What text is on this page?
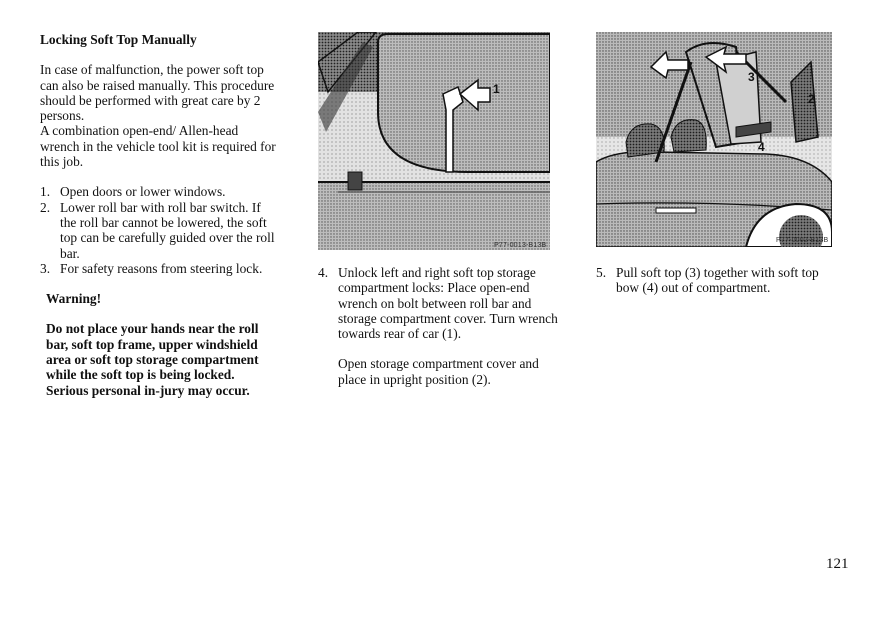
Locking Soft Top Manually

In case of malfunction, the power soft top can also be raised manually. This procedure should be performed with great care by 2 persons.

A combination open-end/ Allen-head wrench in the vehicle tool kit is required for this job.

1. Open doors or lower windows.
2. Lower roll bar with roll bar switch. If the roll bar cannot be lowered, the soft top can be carefully guided over the roll bar.
3. For safety reasons from steering lock.
Warning!
Do not place your hands near the roll bar, soft top frame, upper windshield area or soft top storage compartment while the soft top is being locked. Serious personal in-jury may occur.
P77-0013-B13B
1
3
2
4
P77-0002-B13B
4. Unlock left and right soft top storage compartment locks: Place open-end wrench on bolt between roll bar and storage compartment cover. Turn wrench towards rear of car (1).

Open storage compartment cover and place in upright position (2).

5. Pull soft top (3) together with soft top bow (4) out of compartment.

121
